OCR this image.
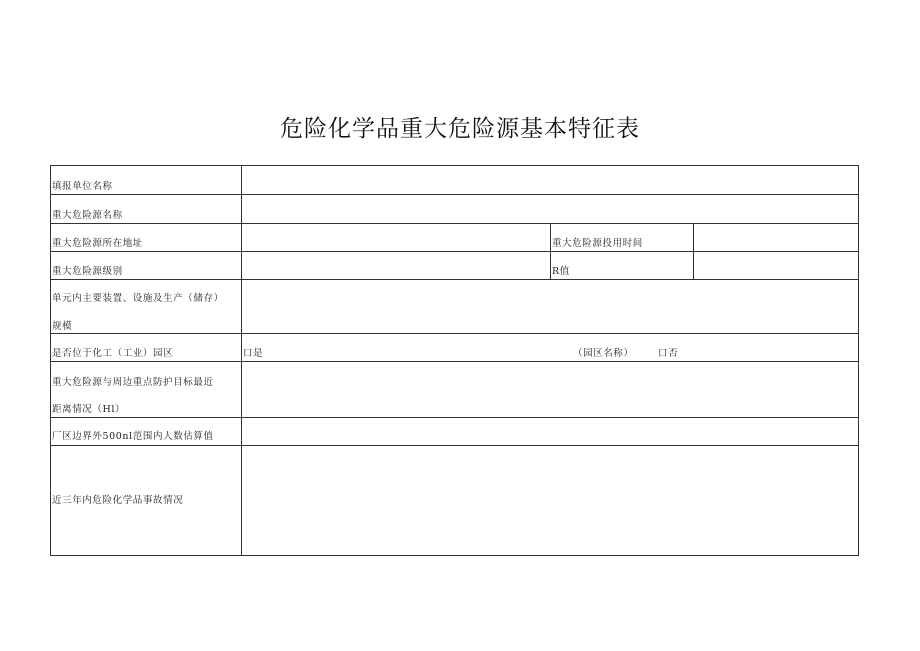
危险化学品重大危险源基本特征表
填报单位名称
重大危险源名称
重大危险源所在地址	重大危险源投用时间
重大危险源级别	R值
单元内主要装置、设施及生产（储存）
规模
是否位于化工（工业）园区	口是	（园区名称）	口否
重大危险源与周边重点防护目标最近
距离情况（Hl）
厂区边界外500nl范围内人数估算值
近三年内危险化学品事故情况
